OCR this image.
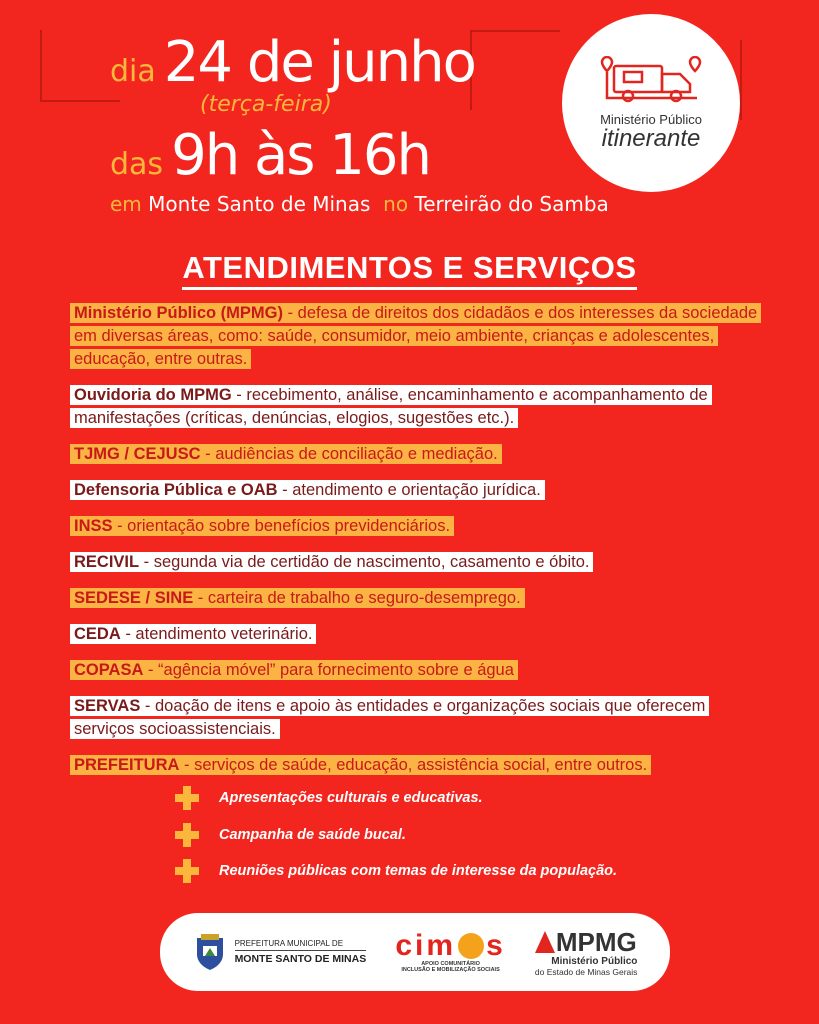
dia 24 de junho
(terça-feira)
das 9h às 16h
em Monte Santo de Minas no Terreirão do Samba
Ministério Público
itinerante
ATENDIMENTOS E SERVIÇOS
Ministério Público (MPMG) - defesa de direitos dos cidadãos e dos interesses da sociedade em diversas áreas, como: saúde, consumidor, meio ambiente, crianças e adolescentes, educação, entre outras.
Ouvidoria do MPMG - recebimento, análise, encaminhamento e acompanhamento de manifestações (críticas, denúncias, elogios, sugestões etc.).
TJMG / CEJUSC - audiências de conciliação e mediação.
Defensoria Pública e OAB - atendimento e orientação jurídica.
INSS - orientação sobre benefícios previdenciários.
RECIVIL - segunda via de certidão de nascimento, casamento e óbito.
SEDESE / SINE - carteira de trabalho e seguro-desemprego.
CEDA - atendimento veterinário.
COPASA - “agência móvel” para fornecimento sobre e água
SERVAS - doação de itens e apoio às entidades e organizações sociais que oferecem serviços socioassistenciais.
PREFEITURA - serviços de saúde, educação, assistência social, entre outros.
Apresentações culturais e educativas.
Campanha de saúde bucal.
Reuniões públicas com temas de interesse da população.
PREFEITURA MUNICIPAL DE
MONTE SANTO DE MINAS ci m s
APOIO COMUNITÁRIO
INCLUSÃO E MOBILIZAÇÃO SOCIAIS
MPMG
Ministério Público
do Estado de Minas Gerais
